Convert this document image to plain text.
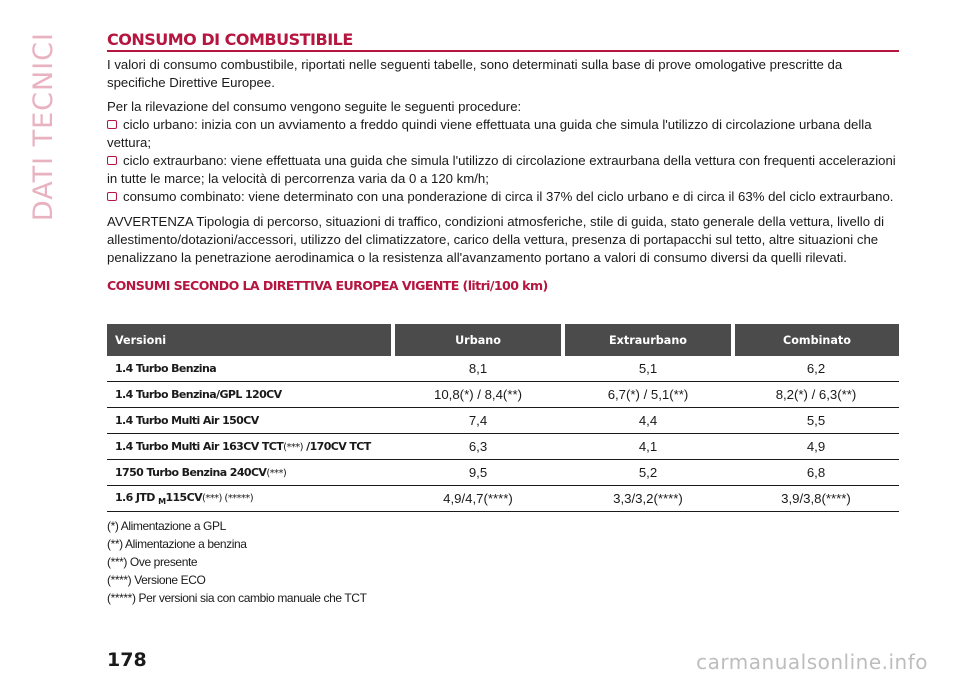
DATI TECNICI	CONSUMO DI COMBUSTIBILE

I valori di consumo combustibile, riportati nelle seguenti tabelle, sono determinati sulla base di prove omologative prescritte da specifiche Direttive Europee.

Per la rilevazione del consumo vengono seguite le seguenti procedure:

ciclo urbano: inizia con un avviamento a freddo quindi viene effettuata una guida che simula l'utilizzo di circolazione urbana della vettura;

ciclo extraurbano: viene effettuata una guida che simula l'utilizzo di circolazione extraurbana della vettura con frequenti accelerazioni in tutte le marce; la velocità di percorrenza varia da 0 a 120 km/h;

consumo combinato: viene determinato con una ponderazione di circa il 37% del ciclo urbano e di circa il 63% del ciclo extraurbano.

AVVERTENZA Tipologia di percorso, situazioni di traffico, condizioni atmosferiche, stile di guida, stato generale della vettura, livello di allestimento/dotazioni/accessori, utilizzo del climatizzatore, carico della vettura, presenza di portapacchi sul tetto, altre situazioni che penalizzano la penetrazione aerodinamica o la resistenza all'avanzamento portano a valori di consumo diversi da quelli rilevati.

CONSUMI SECONDO LA DIRETTIVA EUROPEA VIGENTE (litri/100 km)
Versioni	Urbano	Extraurbano	Combinato
1.4 Turbo Benzina	8,1	5,1	6,2
1.4 Turbo Benzina/GPL 120CV	10,8(*) / 8,4(**)	6,7(*) / 5,1(**)	8,2(*) / 6,3(**)
1.4 Turbo Multi Air 150CV	7,4	4,4	5,5
1.4 Turbo Multi Air 163CV TCT(***) /170CV TCT	6,3	4,1	4,9
1750 Turbo Benzina 240CV(***)	9,5	5,2	6,8
1.6 JTD $_M$115CV(***) (*****)	4,9/4,7(****)	3,3/3,2(****)	3,9/3,8(****)
(*) Alimentazione a GPL
(**) Alimentazione a benzina
(***) Ove presente
(****) Versione ECO
(*****) Per versioni sia con cambio manuale che TCT
178	carmanualsonline.info
